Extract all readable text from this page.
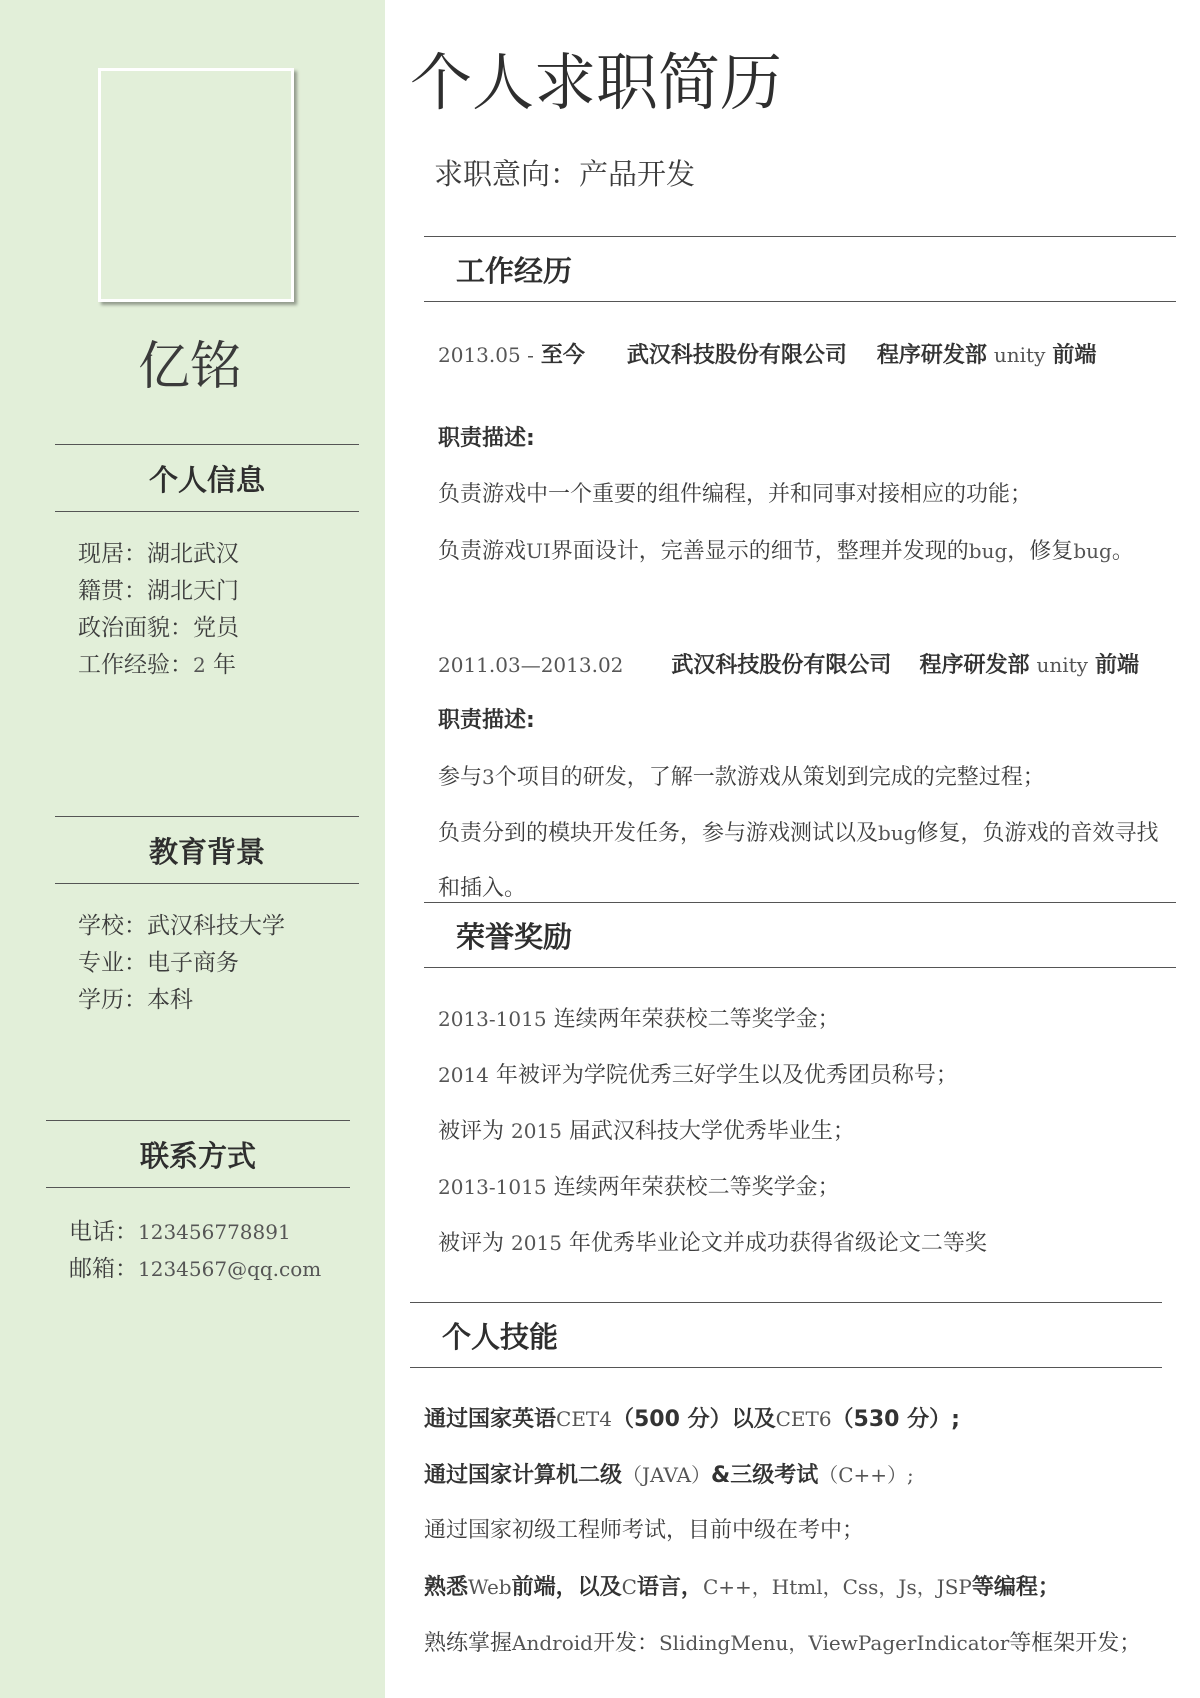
亿铭
个人信息
现居：湖北武汉
籍贯：湖北天门
政治面貌：党员
工作经验：2 年
教育背景
学校：武汉科技大学
专业：电子商务
学历：本科
联系方式
电话：123456778891
邮箱：1234567@qq.com
个人求职简历
求职意向：产品开发
工作经历
2013.05 - 至今 武汉科技股份有限公司 程序研发部 unity 前端
职责描述:
负责游戏中一个重要的组件编程，并和同事对接相应的功能；
负责游戏UI界面设计，完善显示的细节，整理并发现的bug，修复bug。
2011.03—2013.02 武汉科技股份有限公司 程序研发部 unity 前端
职责描述:
参与3个项目的研发，了解一款游戏从策划到完成的完整过程；
负责分到的模块开发任务，参与游戏测试以及bug修复，负游戏的音效寻找
和插入。
荣誉奖励
2013-1015 连续两年荣获校二等奖学金；
2014 年被评为学院优秀三好学生以及优秀团员称号；
被评为 2015 届武汉科技大学优秀毕业生；
2013-1015 连续两年荣获校二等奖学金；
被评为 2015 年优秀毕业论文并成功获得省级论文二等奖
个人技能
通过国家英语CET4（500 分）以及CET6（530 分）;
通过国家计算机二级（JAVA）&三级考试（C++）;
通过国家初级工程师考试，目前中级在考中；
熟悉Web前端，以及C语言，C++，Html，Css，Js，JSP等编程；
熟练掌握Android开发：SlidingMenu，ViewPagerIndicator等框架开发；
